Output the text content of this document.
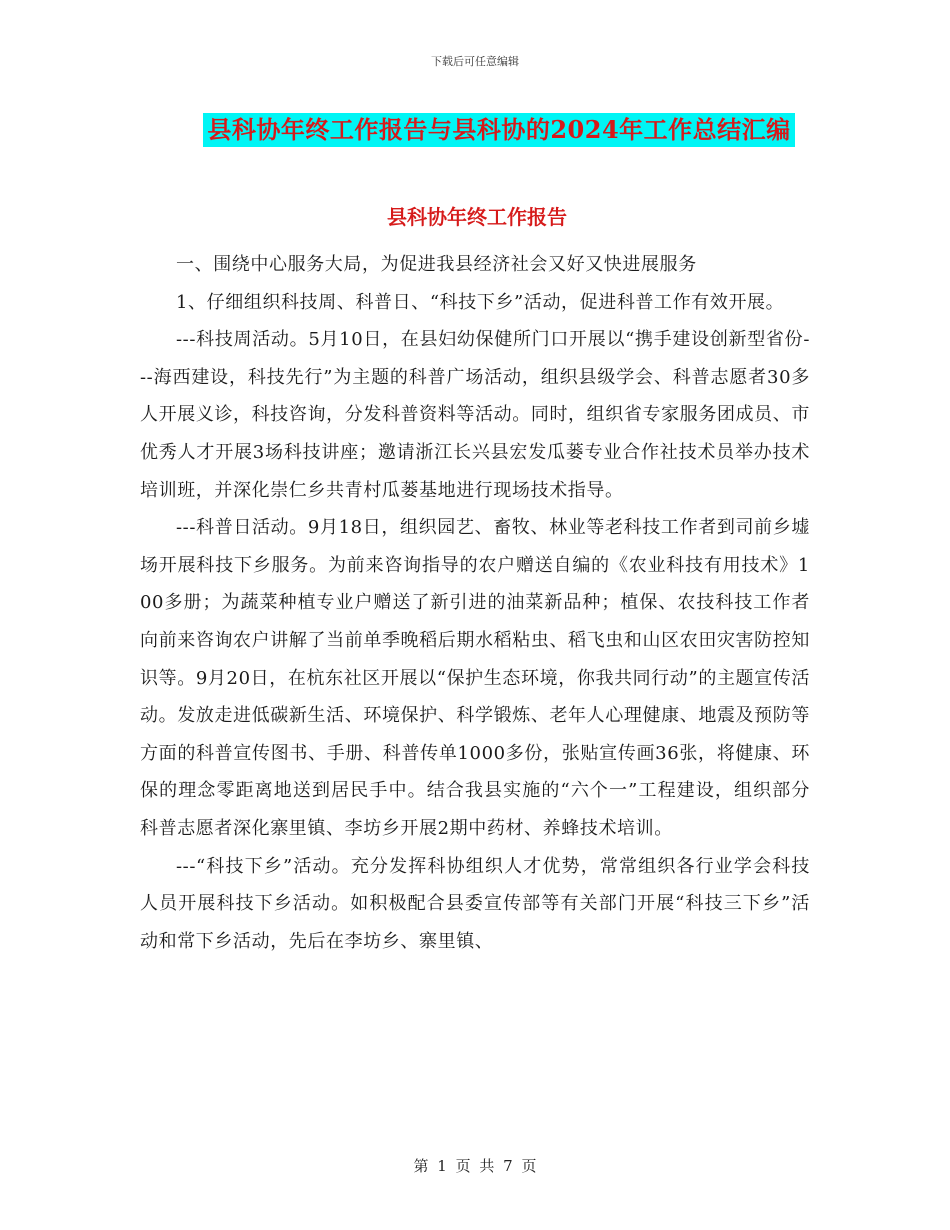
下载后可任意编辑
县科协年终工作报告与县科协的2024年工作总结汇编
县科协年终工作报告

一、围绕中心服务大局，为促进我县经济社会又好又快进展服务

1、仔细组织科技周、科普日、“科技下乡”活动，促进科普工作有效开展。

---科技周活动。5月10日，在县妇幼保健所门口开展以“携手建设创新型省份---海西建设，科技先行”为主题的科普广场活动，组织县级学会、科普志愿者30多人开展义诊，科技咨询，分发科普资料等活动。同时，组织省专家服务团成员、市优秀人才开展3场科技讲座；邀请浙江长兴县宏发瓜蒌专业合作社技术员举办技术培训班，并深化崇仁乡共青村瓜蒌基地进行现场技术指导。

---科普日活动。9月18日，组织园艺、畜牧、林业等老科技工作者到司前乡墟场开展科技下乡服务。为前来咨询指导的农户赠送自编的《农业科技有用技术》100多册；为蔬菜种植专业户赠送了新引进的油菜新品种；植保、农技科技工作者向前来咨询农户讲解了当前单季晚稻后期水稻粘虫、稻飞虫和山区农田灾害防控知识等。9月20日，在杭东社区开展以“保护生态环境，你我共同行动”的主题宣传活动。发放走进低碳新生活、环境保护、科学锻炼、老年人心理健康、地震及预防等方面的科普宣传图书、手册、科普传单1000多份，张贴宣传画36张，将健康、环保的理念零距离地送到居民手中。结合我县实施的“六个一”工程建设，组织部分科普志愿者深化寨里镇、李坊乡开展2期中药材、养蜂技术培训。

---“科技下乡”活动。充分发挥科协组织人才优势，常常组织各行业学会科技人员开展科技下乡活动。如积极配合县委宣传部等有关部门开展“科技三下乡”活动和常下乡活动，先后在李坊乡、寨里镇、

第 1 页 共 7 页
